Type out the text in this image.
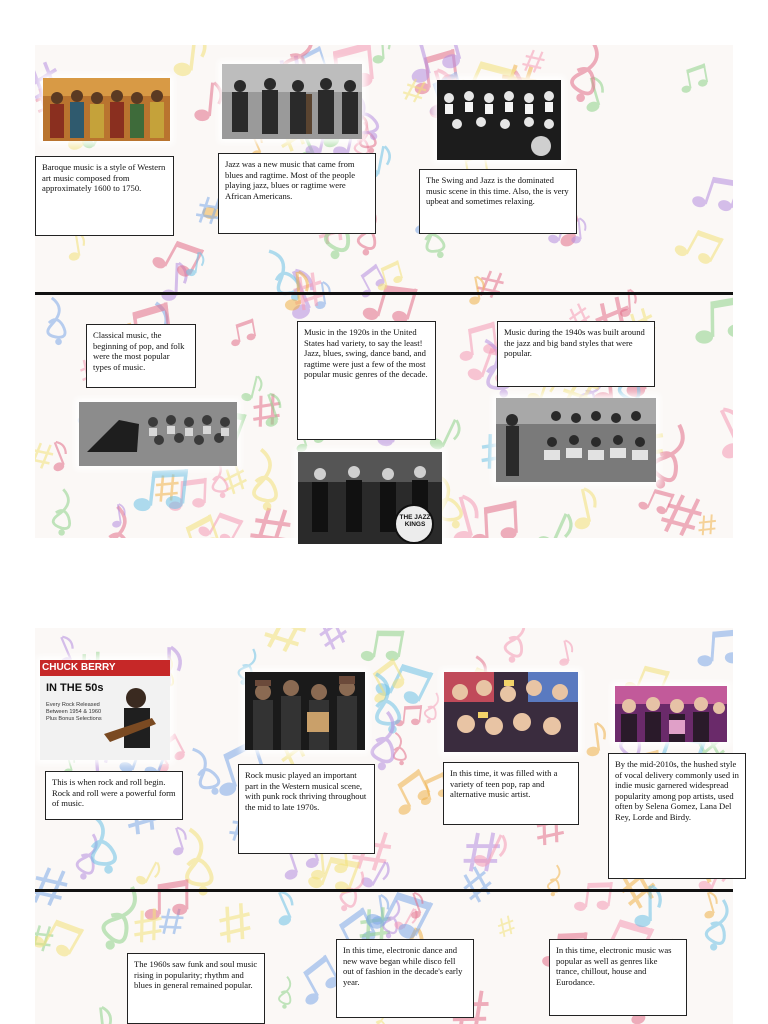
THE JAZZ KINGS
Baroque music is a style of Western art music composed from approximately 1600 to 1750.
Jazz was a new music that came from blues and ragtime. Most of the people playing jazz, blues or ragtime were African Americans.
The Swing and Jazz is the dominated music scene in this time. Also, the is very upbeat and sometimes relaxing.
Classical music, the beginning of pop, and folk were the most popular types of music.
Music in the 1920s in the United States had variety, to say the least! Jazz, blues, swing, dance band, and ragtime were just a few of the most popular music genres of the decade.
Music during the 1940s was built around the jazz and big band styles that were popular.
CHUCK BERRY
IN THE 50s
Every Rock Released Between 1954 & 1960 Plus Bonus Selections
This is when rock and roll begin. Rock and roll were a powerful form of music.
Rock music played an important part in the Western musical scene, with punk rock thriving throughout the mid to late 1970s.
In this time, it was filled with a variety of teen pop, rap and alternative music artist.
By the mid-2010s, the hushed style of vocal delivery commonly used in indie music garnered widespread popularity among pop artists, used often by Selena Gomez, Lana Del Rey, Lorde and Birdy.
The 1960s saw funk and soul music rising in popularity; rhythm and blues in general remained popular.
In this time, electronic dance and new wave began while disco fell out of fashion in the decade's early year.
In this time, electronic music was popular as well as genres like trance, chillout, house and Eurodance.
